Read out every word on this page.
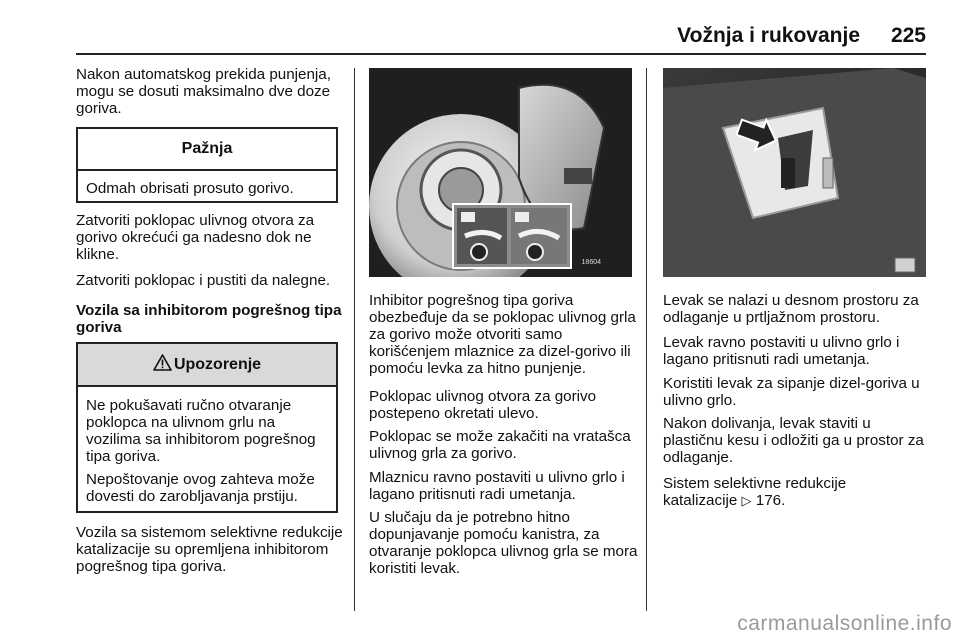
Vožnja i rukovanje	225

Nakon automatskog prekida punjenja, mogu se dosuti maksimalno dve doze goriva.

Pažnja

Odmah obrisati prosuto gorivo.

Zatvoriti poklopac ulivnog otvora za gorivo okrećući ga nadesno dok ne klikne.

Zatvoriti poklopac i pustiti da nalegne.

Vozila sa inhibitorom pogrešnog tipa goriva

Upozorenje

Ne pokušavati ručno otvaranje poklopca na ulivnom grlu na vozilima sa inhibitorom pogrešnog tipa goriva.

Nepoštovanje ovog zahteva može dovesti do zarobljavanja prstiju.

Vozila sa sistemom selektivne redukcije katalizacije su opremljena inhibitorom pogrešnog tipa goriva.

18604

Inhibitor pogrešnog tipa goriva obezbeđuje da se poklopac ulivnog grla za gorivo može otvoriti samo korišćenjem mlaznice za dizel-gorivo ili pomoću levka za hitno punjenje.

Poklopac ulivnog otvora za gorivo postepeno okretati ulevo.

Poklopac se može zakačiti na vratašca ulivnog grla za gorivo.

Mlaznicu ravno postaviti u ulivno grlo i lagano pritisnuti radi umetanja.

U slučaju da je potrebno hitno dopunjavanje pomoću kanistra, za otvaranje poklopca ulivnog grla se mora koristiti levak.

Levak se nalazi u desnom prostoru za odlaganje u prtljažnom prostoru.

Levak ravno postaviti u ulivno grlo i lagano pritisnuti radi umetanja.

Koristiti levak za sipanje dizel-goriva u ulivno grlo.

Nakon dolivanja, levak staviti u plastičnu kesu i odložiti ga u prostor za odlaganje.

Sistem selektivne redukcije katalizacije ▷ 176.

carmanualsonline.info
